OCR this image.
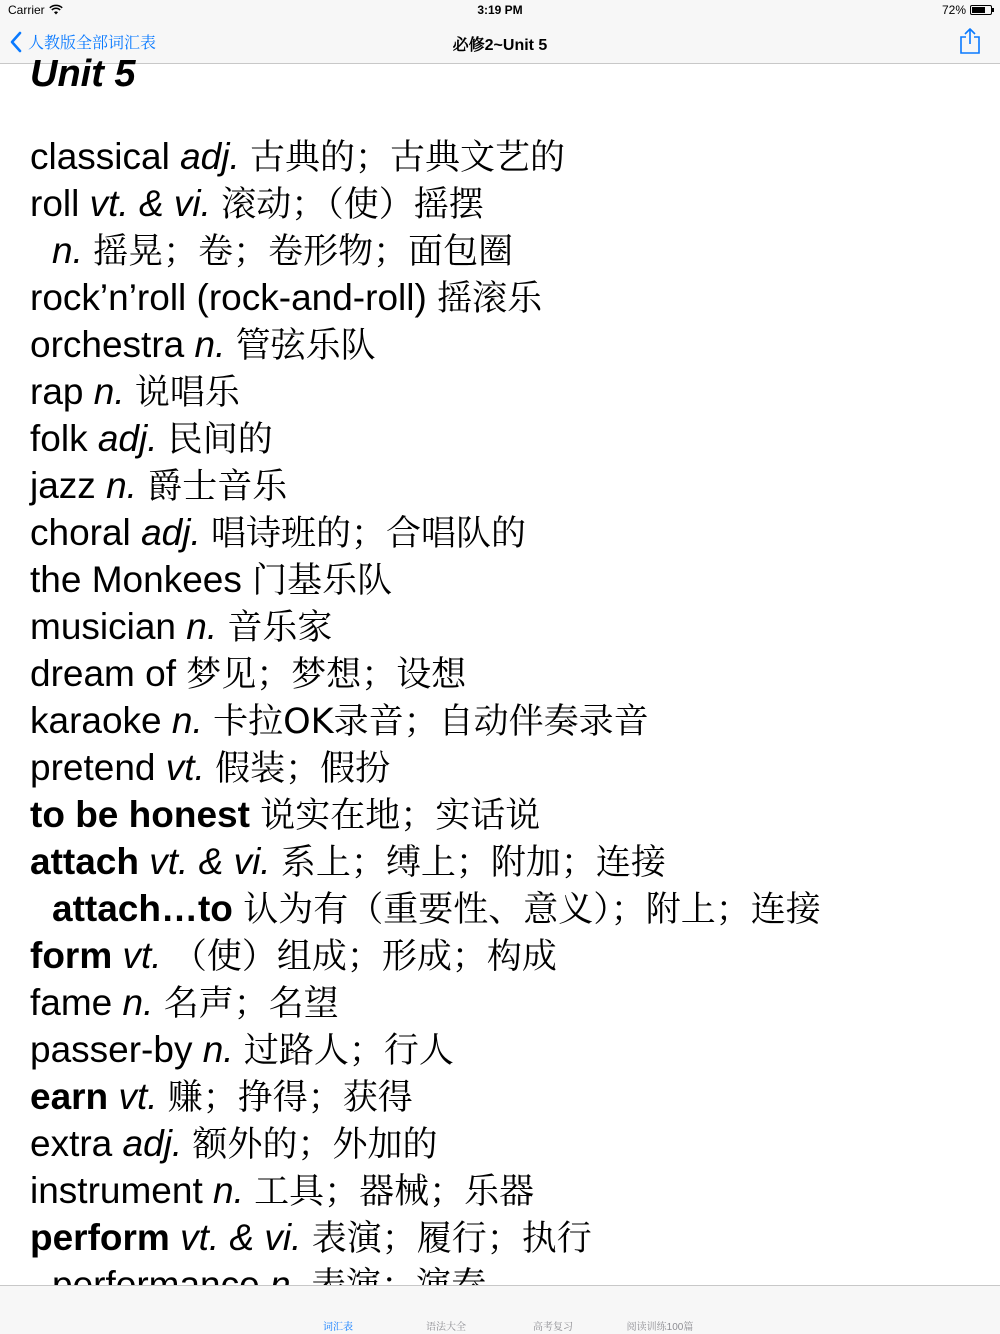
Carrier	3:19 PM	72%
人教版全部词汇表	必修2~Unit 5
Unit 5
classical adj. 古典的；古典文艺的
roll vt. & vi. 滚动；（使）摇摆
n. 摇晃；卷；卷形物；面包圈
rock’n’roll (rock-and-roll) 摇滚乐
orchestra n. 管弦乐队
rap n. 说唱乐
folk adj. 民间的
jazz n. 爵士音乐
choral adj. 唱诗班的；合唱队的
the Monkees 门基乐队
musician n. 音乐家
dream of 梦见；梦想；设想
karaoke n. 卡拉OK录音；自动伴奏录音
pretend vt. 假装；假扮
to be honest 说实在地；实话说
attach vt. & vi. 系上；缚上；附加；连接
attach…to 认为有（重要性、意义）；附上；连接
form vt. （使）组成；形成；构成
fame n. 名声；名望
passer-by n. 过路人；行人
earn vt. 赚；挣得；获得
extra adj. 额外的；外加的
instrument n. 工具；器械；乐器
perform vt. & vi. 表演；履行；执行
词汇表	语法大全	高考复习	阅读训练100篇
